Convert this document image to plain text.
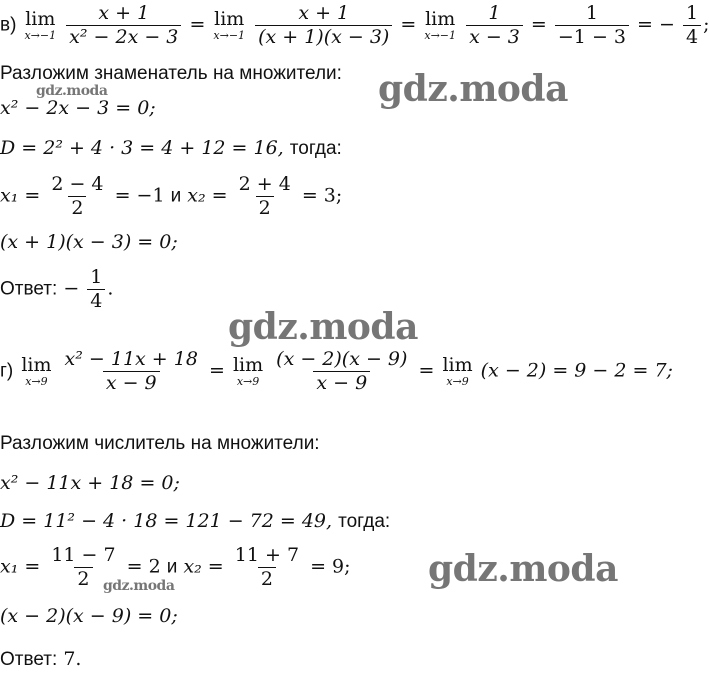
в) lim
x→−1
$\frac{x + 1}{\text{x² − 2x − 3}} = \lim$
x→−1
$\frac{x + 1}{(x + 1)(x - 3)} = \lim$
x→−1
$\frac{1}{x - 3} = \frac{1}{-1 - 3}$ = − $\frac{1}{4}$ ;
Разложим знаменатель на множители:
x² − 2x − 3 = 0;
D = 2² + 4 · 3 = 4 + 12 = 16, тогда:
$x_1 = \frac{2 - 4}{2} = -1$ и $x_2 = \frac{2 + 4}{2} = 3$;
(x + 1)(x − 3) = 0;
Ответ: − $\frac{1}{4}$ .
г) lim
x→9
$\frac{\text{x² − 11x + 18}}{x - 9} = \lim$
x→9
$\frac{(x - 2)(x - 9)}{x - 9} = \lim$
x→9 (x − 2) = 9 − 2 = 7;
Разложим числитель на множители:
x² − 11x + 18 = 0;
D = 11² − 4 · 18 = 121 − 72 = 49, тогда:
$x_1 = \frac{11 - 7}{2} = 2$ и $x_2 = \frac{11 + 7}{2} = 9$;
(x − 2)(x − 9) = 0;
Ответ: 7.
gdz.moda
gdz.moda
gdz.moda
gdz.moda
gdz.moda
